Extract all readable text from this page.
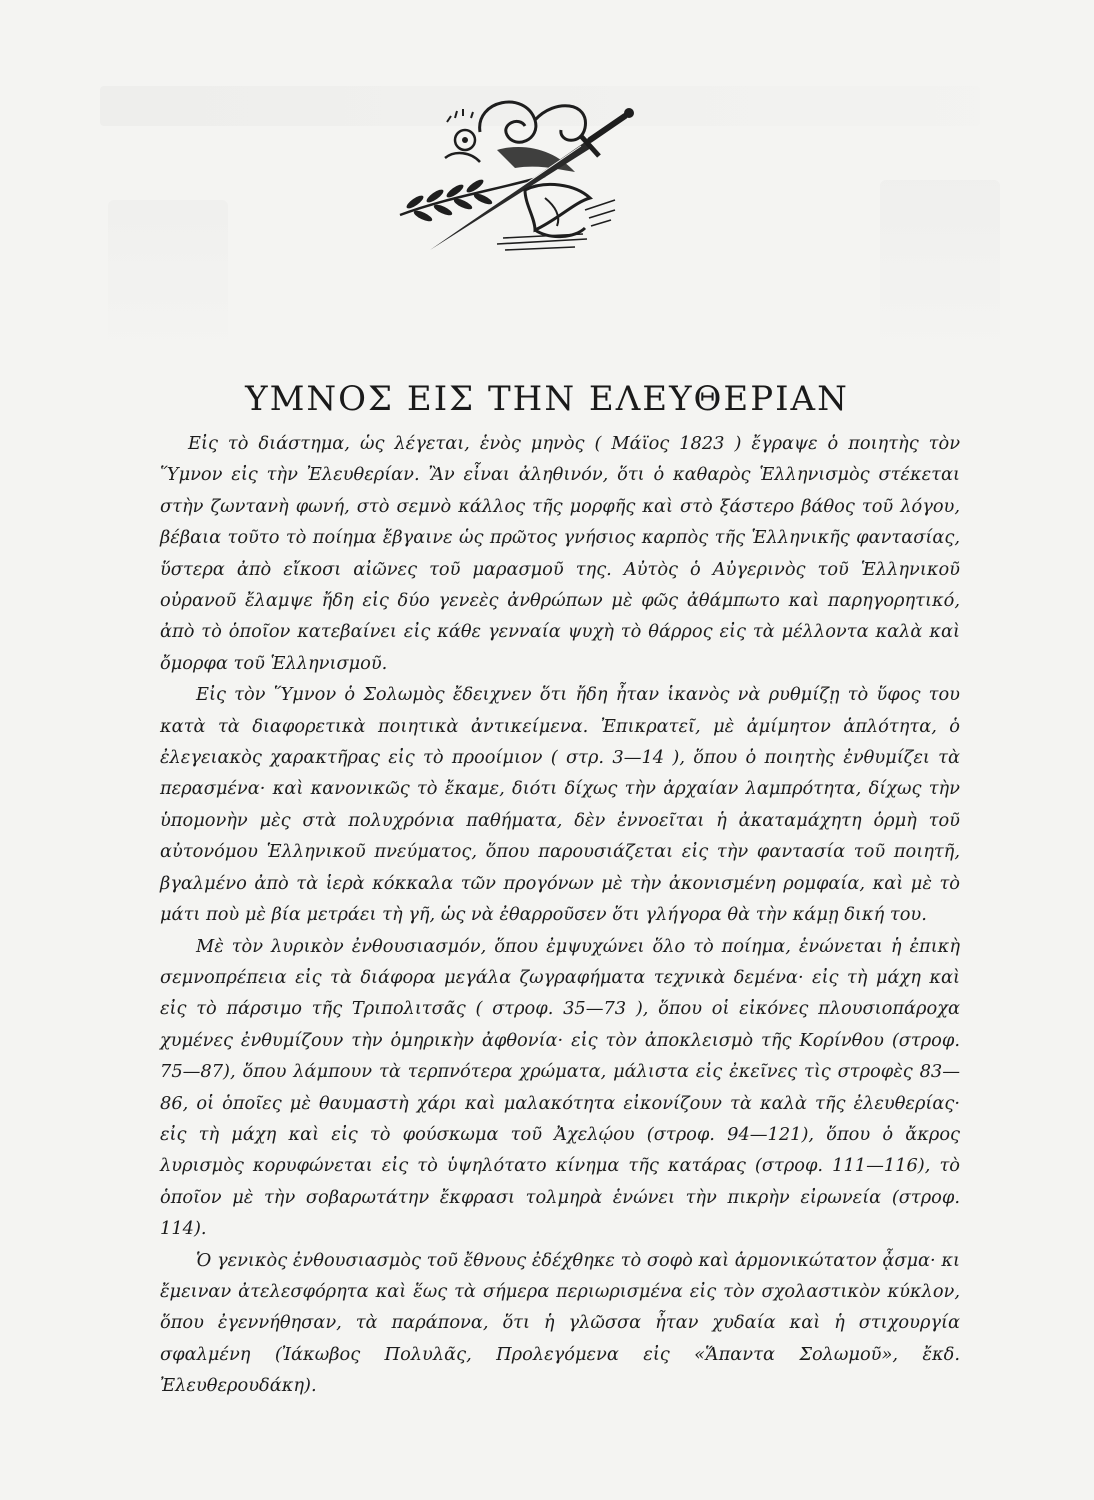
ΥΜΝΟΣ ΕΙΣ ΤΗΝ ΕΛΕΥΘΕΡΙΑΝ

Εἰς τὸ διάστημα, ὡς λέγεται, ἑνὸς μηνὸς ( Μάϊος 1823 ) ἔγραψε ὁ ποιητὴς τὸν Ὕμνον εἰς τὴν Ἐλευθερίαν. Ἂν εἶναι ἀληθινόν, ὅτι ὁ καθαρὸς Ἑλληνισμὸς στέκεται στὴν ζωντανὴ φωνή, στὸ σεμνὸ κάλλος τῆς μορφῆς καὶ στὸ ξάστερο βάθος τοῦ λόγου, βέβαια τοῦτο τὸ ποίημα ἔβγαινε ὡς πρῶτος γνήσιος καρπὸς τῆς Ἑλληνικῆς φαντασίας, ὕστερα ἀπὸ εἴκοσι αἰῶνες τοῦ μαρασμοῦ της. Αὐτὸς ὁ Αὐγερινὸς τοῦ Ἑλληνικοῦ οὐρανοῦ ἔλαμψε ἤδη εἰς δύο γενεὲς ἀνθρώπων μὲ φῶς ἀθάμπωτο καὶ παρηγορητικό, ἀπὸ τὸ ὁποῖον κατεβαίνει εἰς κάθε γενναία ψυχὴ τὸ θάρρος εἰς τὰ μέλλοντα καλὰ καὶ ὄμορφα τοῦ Ἑλληνισμοῦ.

Εἰς τὸν Ὕμνον ὁ Σολωμὸς ἔδειχνεν ὅτι ἤδη ἦταν ἱκανὸς νὰ ρυθμίζῃ τὸ ὕφος του κατὰ τὰ διαφορετικὰ ποιητικὰ ἀντικείμενα. Ἐπικρατεῖ, μὲ ἀμίμητον ἁπλότητα, ὁ ἐλεγειακὸς χαρακτῆρας εἰς τὸ προοίμιον ( στρ. 3—14 ), ὅπου ὁ ποιητὴς ἐνθυμίζει τὰ περασμένα· καὶ κανονικῶς τὸ ἔκαμε, διότι δίχως τὴν ἀρχαίαν λαμπρότητα, δίχως τὴν ὑπομονὴν μὲς στὰ πολυχρόνια παθήματα, δὲν ἐννοεῖται ἡ ἀκαταμάχητη ὁρμὴ τοῦ αὐτονόμου Ἑλληνικοῦ πνεύματος, ὅπου παρουσιάζεται εἰς τὴν φαντασία τοῦ ποιητῆ, βγαλμένο ἀπὸ τὰ ἱερὰ κόκκαλα τῶν προγόνων μὲ τὴν ἀκονισμένη ρομφαία, καὶ μὲ τὸ μάτι ποὺ μὲ βία μετράει τὴ γῆ, ὡς νὰ ἐθαρροῦσεν ὅτι γλήγορα θὰ τὴν κάμῃ δική του.

Μὲ τὸν λυρικὸν ἐνθουσιασμόν, ὅπου ἐμψυχώνει ὅλο τὸ ποίημα, ἑνώνεται ἡ ἐπικὴ σεμνοπρέπεια εἰς τὰ διάφορα μεγάλα ζωγραφήματα τεχνικὰ δεμένα· εἰς τὴ μάχη καὶ εἰς τὸ πάρσιμο τῆς Τριπολιτσᾶς ( στροφ. 35—73 ), ὅπου οἱ εἰκόνες πλουσιοπάροχα χυμένες ἐνθυμίζουν τὴν ὁμηρικὴν ἀφθονία· εἰς τὸν ἀποκλεισμὸ τῆς Κορίνθου (στροφ. 75—87), ὅπου λάμπουν τὰ τερπνότερα χρώματα, μάλιστα εἰς ἐκεῖνες τὶς στροφὲς 83—86, οἱ ὁποῖες μὲ θαυμαστὴ χάρι καὶ μαλακότητα εἰκονίζουν τὰ καλὰ τῆς ἐλευθερίας· εἰς τὴ μάχη καὶ εἰς τὸ φούσκωμα τοῦ Ἀχελῴου (στροφ. 94—121), ὅπου ὁ ἄκρος λυρισμὸς κορυφώνεται εἰς τὸ ὑψηλότατο κίνημα τῆς κατάρας (στροφ. 111—116), τὸ ὁποῖον μὲ τὴν σοβαρωτάτην ἔκφρασι τολμηρὰ ἑνώνει τὴν πικρὴν εἰρωνεία (στροφ. 114).

Ὁ γενικὸς ἐνθουσιασμὸς τοῦ ἔθνους ἐδέχθηκε τὸ σοφὸ καὶ ἁρμονικώτατον ᾆσμα· κι ἔμειναν ἀτελεσφόρητα καὶ ἕως τὰ σήμερα περιωρισμένα εἰς τὸν σχολαστικὸν κύκλον, ὅπου ἐγεννήθησαν, τὰ παράπονα, ὅτι ἡ γλῶσσα ἦταν χυδαία καὶ ἡ στιχουργία σφαλμένη (Ἰάκωβος Πολυλᾶς, Προλεγόμενα εἰς «Ἅπαντα Σολωμοῦ», ἔκδ. Ἐλευθερουδάκη).
